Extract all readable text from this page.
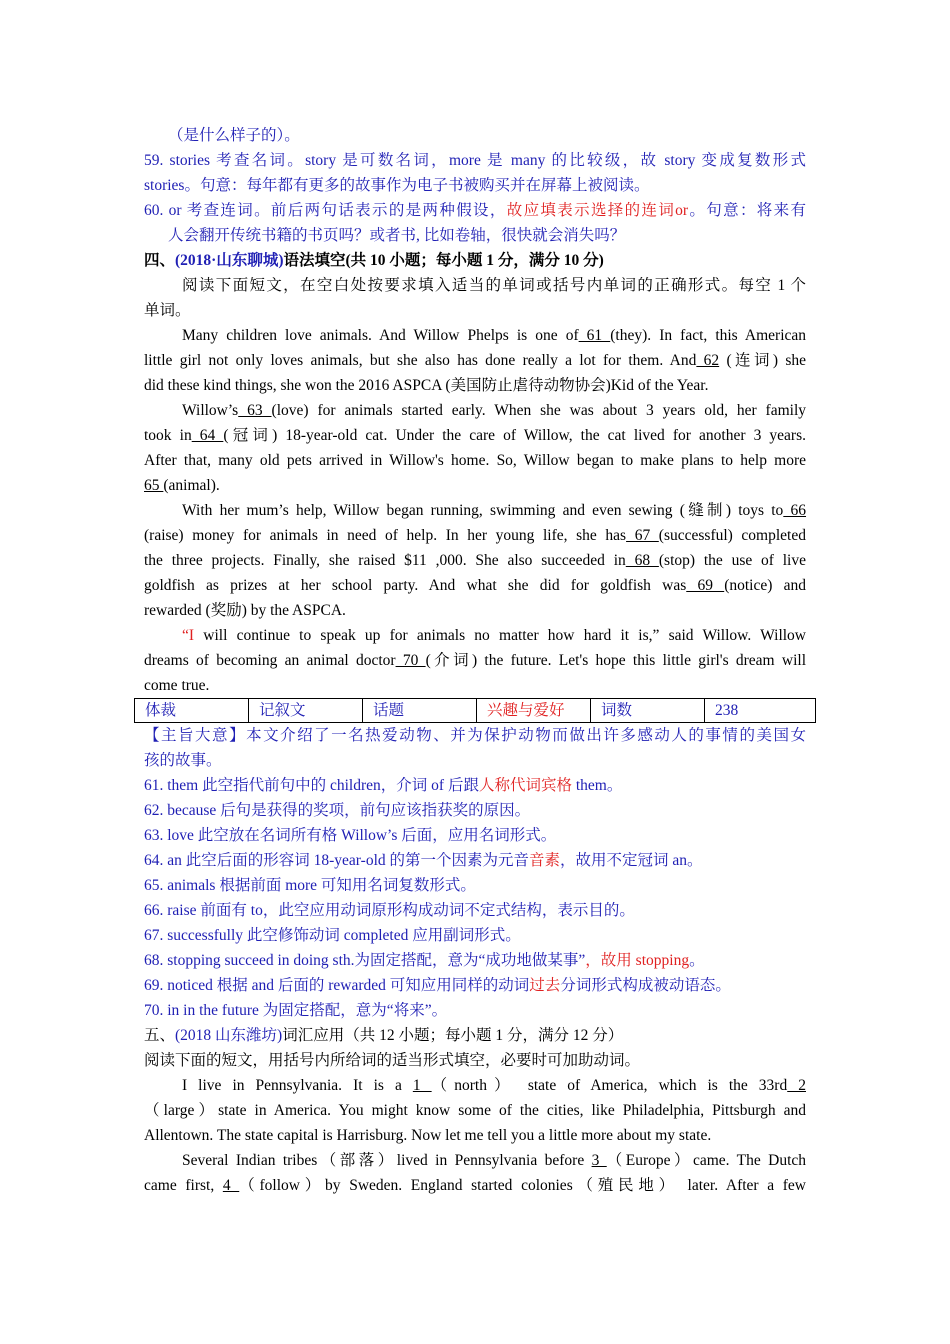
（是什么样子的）。
59. stories 考查名词。story 是可数名词，more 是 many 的比较级，故 story 变成复数形式
stories。句意：每年都有更多的故事作为电子书被购买并在屏幕上被阅读。
60. or 考查连词。前后两句话表示的是两种假设，故应填表示选择的连词or。句意：将来有
人会翻开传统书籍的书页吗？或者书, 比如卷轴，很快就会消失吗？
四、(2018·山东聊城)语法填空(共 10 小题；每小题 1 分，满分 10 分)
阅读下面短文，在空白处按要求填入适当的单词或括号内单词的正确形式。每空 1 个
单词。
Many children love animals. And Willow Phelps is one of 61 (they). In fact, this American
little girl not only loves animals, but she also has done really a lot for them. And 62 (连词) she
did these kind things, she won the 2016 ASPCA (美国防止虐待动物协会)Kid of the Year.
Willow’s 63 (love) for animals started early. When she was about 3 years old, her family
took in 64 (冠词) 18-year-old cat. Under the care of Willow, the cat lived for another 3 years.
After that, many old pets arrived in Willow's home. So, Willow began to make plans to help more
65 (animal).
With her mum’s help, Willow began running, swimming and even sewing (缝制) toys to 66
(raise) money for animals in need of help. In her young life, she has 67 (successful) completed
the three projects. Finally, she raised $11 ,000. She also succeeded in 68 (stop) the use of live
goldfish as prizes at her school party. And what she did for goldfish was 69 (notice) and
rewarded (奖励) by the ASPCA.
“I will continue to speak up for animals no matter how hard it is,” said Willow. Willow
dreams of becoming an animal doctor 70 (介词) the future. Let's hope this little girl's dream will
come true.
体裁	记叙文	话题	兴趣与爱好	词数	238
【主旨大意】本文介绍了一名热爱动物、并为保护动物而做出许多感动人的事情的美国女
孩的故事。
61. them 此空指代前句中的 children，介词 of 后跟人称代词宾格 them。
62. because 后句是获得的奖项，前句应该指获奖的原因。
63. love 此空放在名词所有格 Willow’s 后面，应用名词形式。
64. an 此空后面的形容词 18-year-old 的第一个因素为元音音素，故用不定冠词 an。
65. animals 根据前面 more 可知用名词复数形式。
66. raise 前面有 to，此空应用动词原形构成动词不定式结构，表示目的。
67. successfully 此空修饰动词 completed 应用副词形式。
68. stopping succeed in doing sth.为固定搭配，意为“成功地做某事”，故用 stopping。
69. noticed 根据 and 后面的 rewarded 可知应用同样的动词过去分词形式构成被动语态。
70. in in the future 为固定搭配，意为“将来”。
五、(2018 山东潍坊)词汇应用（共 12 小题；每小题 1 分，满分 12 分）
阅读下面的短文，用括号内所给词的适当形式填空，必要时可加助动词。
I live in Pennsylvania. It is a 1 （north） state of America, which is the 33rd 2
（large）state in America. You might know some of the cities, like Philadelphia, Pittsburgh and
Allentown. The state capital is Harrisburg. Now let me tell you a little more about my state.
Several Indian tribes（部落）lived in Pennsylvania before 3 （Europe）came. The Dutch
came first, 4 （follow）by Sweden. England started colonies（殖民地） later. After a few
